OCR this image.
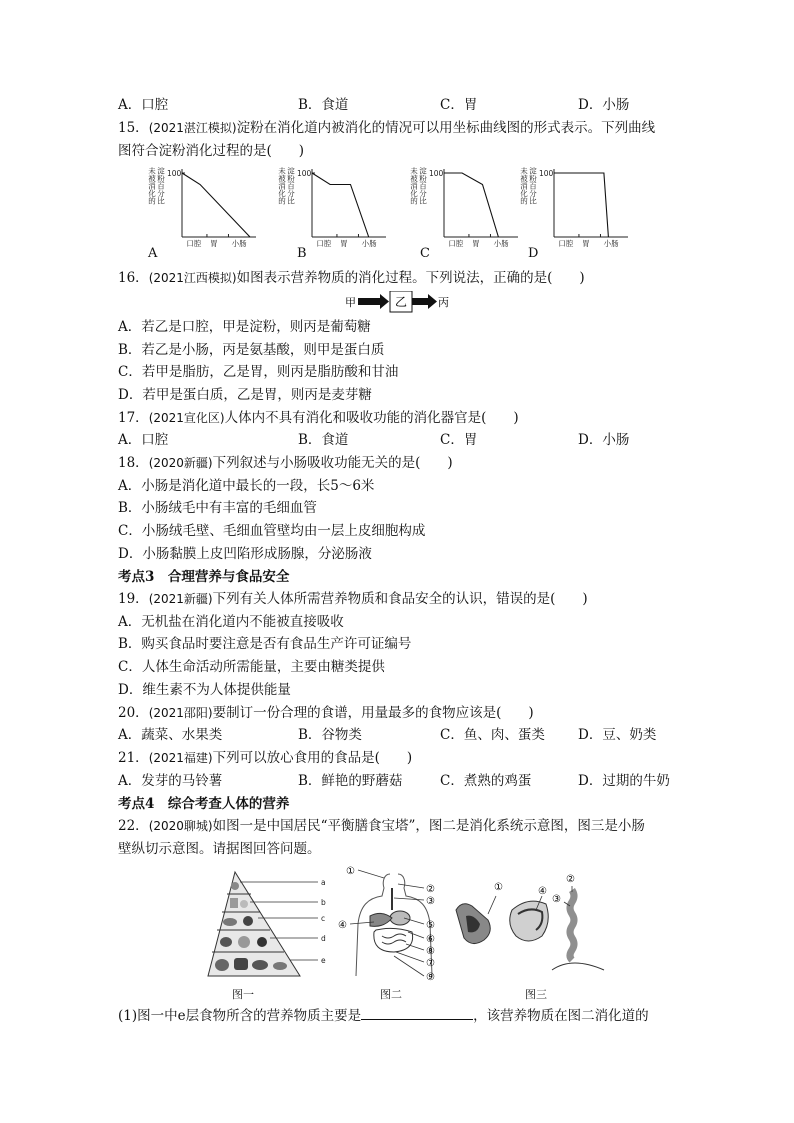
A．口腔	B．食道	C．胃	D．小肠
15．(2021湛江模拟)淀粉在消化道内被消化的情况可以用坐标曲线图的形式表示。下列曲线
图符合淀粉消化过程的是(　　)
未被消化的 淀粉百分比 100
口腔 胃 小肠
未被消化的 淀粉百分比 100
口腔 胃 小肠
未被消化的 淀粉百分比 100
口腔 胃 小肠
未被消化的 淀粉百分比 100
口腔 胃 小肠
A	B	C	D
16．(2021江西模拟)如图表示营养物质的消化过程。下列说法，正确的是(　　)
甲	乙	丙
A．若乙是口腔，甲是淀粉，则丙是葡萄糖
B．若乙是小肠，丙是氨基酸，则甲是蛋白质
C．若甲是脂肪，乙是胃，则丙是脂肪酸和甘油
D．若甲是蛋白质，乙是胃，则丙是麦芽糖
17．(2021宣化区)人体内不具有消化和吸收功能的消化器官是(　　)
A．口腔	B．食道	C．胃	D．小肠
18．(2020新疆)下列叙述与小肠吸收功能无关的是(　　)
A．小肠是消化道中最长的一段，长5～6米
B．小肠绒毛中有丰富的毛细血管
C．小肠绒毛壁、毛细血管壁均由一层上皮细胞构成
D．小肠黏膜上皮凹陷形成肠腺，分泌肠液
考点3　合理营养与食品安全
19．(2021新疆)下列有关人体所需营养物质和食品安全的认识，错误的是(　　)
A．无机盐在消化道内不能被直接吸收
B．购买食品时要注意是否有食品生产许可证编号
C．人体生命活动所需能量，主要由糖类提供
D．维生素不为人体提供能量
20．(2021邵阳)要制订一份合理的食谱，用量最多的食物应该是(　　)
A．蔬菜、水果类	B．谷物类	C．鱼、肉、蛋类	D．豆、奶类
21．(2021福建)下列可以放心食用的食品是(　　)
A．发芽的马铃薯	B．鲜艳的野蘑菇	C．煮熟的鸡蛋	D．过期的牛奶
考点4　综合考查人体的营养
22．(2020聊城)如图一是中国居民“平衡膳食宝塔”，图二是消化系统示意图，图三是小肠
壁纵切示意图。请据图回答问题。
a
b
c
d
e
①
②
③
④	⑤
⑥
⑧
⑦
⑨
①	④
②
③
图一	图二	图三
(1)图一中e层食物所含的营养物质主要是	，该营养物质在图二消化道的
